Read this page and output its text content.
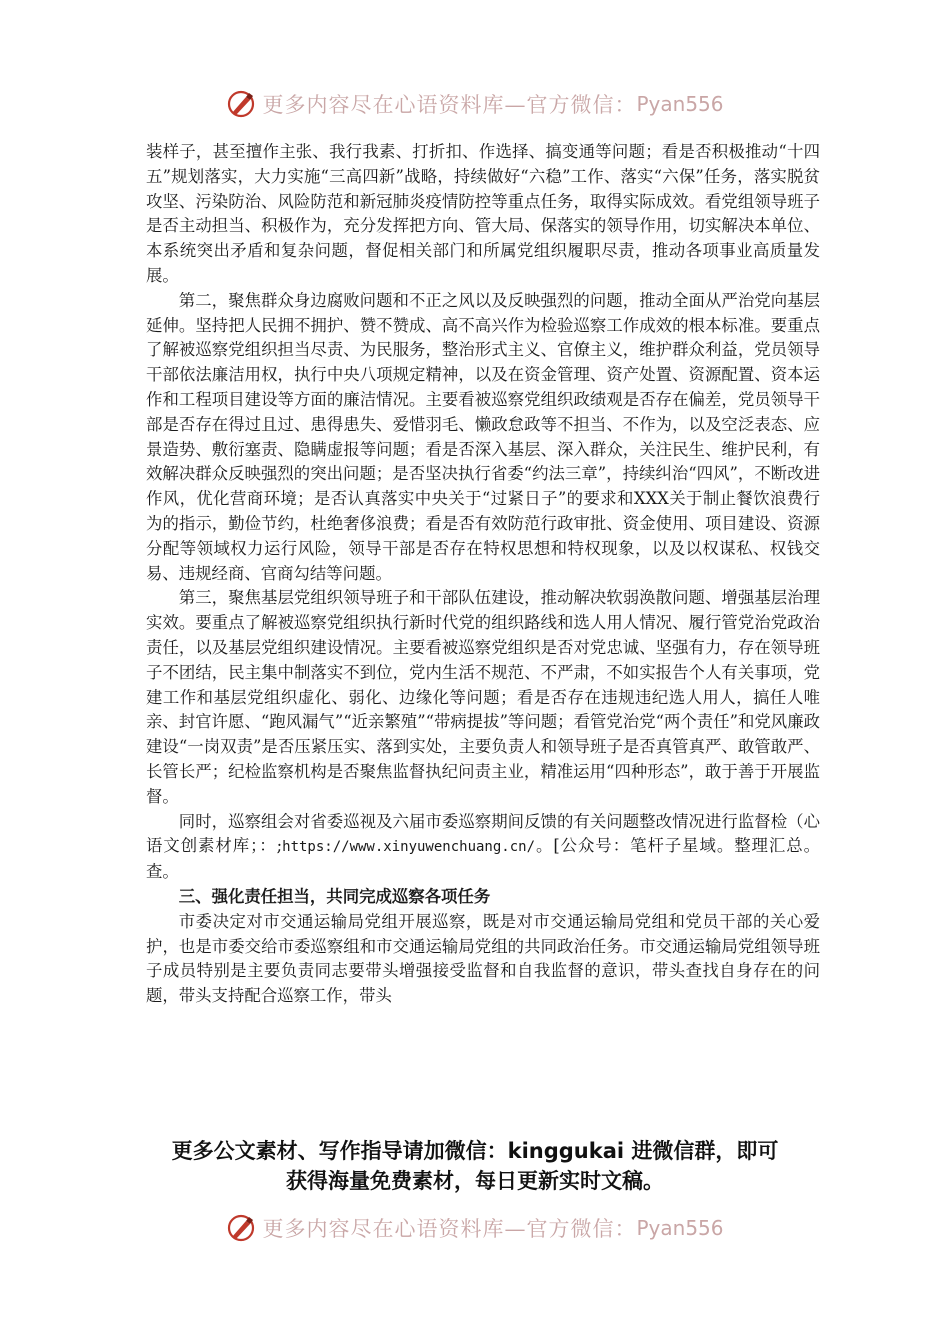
更多内容尽在心语资料库—官方微信： Pyan556

装样子，甚至擅作主张、我行我素、打折扣、作选择、搞变通等问题；看是否积极推动“十四五”规划落实，大力实施“三高四新”战略，持续做好“六稳”工作、落实“六保”任务，落实脱贫攻坚、污染防治、风险防范和新冠肺炎疫情防控等重点任务，取得实际成效。看党组领导班子是否主动担当、积极作为，充分发挥把方向、管大局、保落实的领导作用，切实解决本单位、本系统突出矛盾和复杂问题，督促相关部门和所属党组织履职尽责，推动各项事业高质量发展。

第二，聚焦群众身边腐败问题和不正之风以及反映强烈的问题，推动全面从严治党向基层延伸。坚持把人民拥不拥护、赞不赞成、高不高兴作为检验巡察工作成效的根本标准。要重点了解被巡察党组织担当尽责、为民服务，整治形式主义、官僚主义，维护群众利益，党员领导干部依法廉洁用权，执行中央八项规定精神，以及在资金管理、资产处置、资源配置、资本运作和工程项目建设等方面的廉洁情况。主要看被巡察党组织政绩观是否存在偏差，党员领导干部是否存在得过且过、患得患失、爱惜羽毛、懒政怠政等不担当、不作为，以及空泛表态、应景造势、敷衍塞责、隐瞒虚报等问题；看是否深入基层、深入群众，关注民生、维护民利，有效解决群众反映强烈的突出问题；是否坚决执行省委“约法三章”，持续纠治“四风”，不断改进作风，优化营商环境；是否认真落实中央关于“过紧日子”的要求和XXX关于制止餐饮浪费行为的指示，勤俭节约，杜绝奢侈浪费；看是否有效防范行政审批、资金使用、项目建设、资源分配等领域权力运行风险，领导干部是否存在特权思想和特权现象，以及以权谋私、权钱交易、违规经商、官商勾结等问题。

第三，聚焦基层党组织领导班子和干部队伍建设，推动解决软弱涣散问题、增强基层治理实效。要重点了解被巡察党组织执行新时代党的组织路线和选人用人情况、履行管党治党政治责任，以及基层党组织建设情况。主要看被巡察党组织是否对党忠诚、坚强有力，存在领导班子不团结，民主集中制落实不到位，党内生活不规范、不严肃，不如实报告个人有关事项，党建工作和基层党组织虚化、弱化、边缘化等问题；看是否存在违规违纪选人用人，搞任人唯亲、封官许愿、“跑风漏气”“近亲繁殖”“带病提拔”等问题；看管党治党“两个责任”和党风廉政建设“一岗双责”是否压紧压实、落到实处，主要负责人和领导班子是否真管真严、敢管敢严、长管长严；纪检监察机构是否聚焦监督执纪问责主业，精准运用“四种形态”，敢于善于开展监督。

同时，巡察组会对省委巡视及六届市委巡察期间反馈的有关问题整改情况进行监督检（心语文创素材库；：;https://www.xinyuwenchuang.cn/。[公众号：笔杆子星域。整理汇总。查。

三、强化责任担当，共同完成巡察各项任务

市委决定对市交通运输局党组开展巡察，既是对市交通运输局党组和党员干部的关心爱护，也是市委交给市委巡察组和市交通运输局党组的共同政治任务。市交通运输局党组领导班子成员特别是主要负责同志要带头增强接受监督和自我监督的意识，带头查找自身存在的问题，带头支持配合巡察工作，带头

更多公文素材、写作指导请加微信：kinggukai 进微信群，即可
获得海量免费素材，每日更新实时文稿。
更多内容尽在心语资料库—官方微信： Pyan556
